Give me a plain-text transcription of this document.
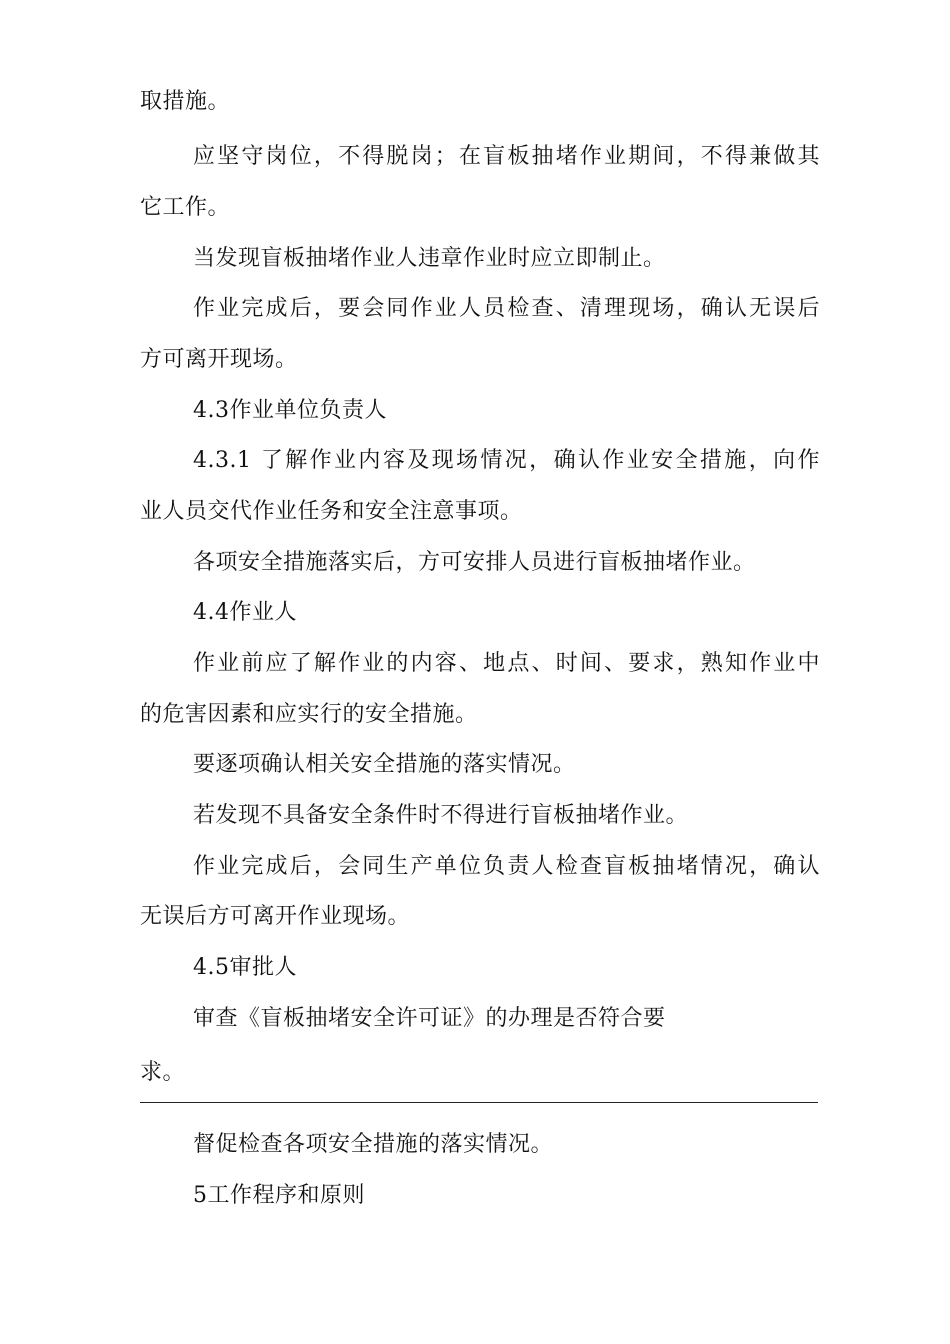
取措施。
应坚守岗位，不得脱岗；在盲板抽堵作业期间，不得兼做其
它工作。
当发现盲板抽堵作业人违章作业时应立即制止。
作业完成后，要会同作业人员检查、清理现场，确认无误后
方可离开现场。
4.3作业单位负责人
4.3.1 了解作业内容及现场情况，确认作业安全措施，向作
业人员交代作业任务和安全注意事项。
各项安全措施落实后，方可安排人员进行盲板抽堵作业。
4.4作业人
作业前应了解作业的内容、地点、时间、要求，熟知作业中
的危害因素和应实行的安全措施。
要逐项确认相关安全措施的落实情况。
若发现不具备安全条件时不得进行盲板抽堵作业。
作业完成后，会同生产单位负责人检查盲板抽堵情况，确认
无误后方可离开作业现场。
4.5审批人
审查《盲板抽堵安全许可证》的办理是否符合要
求。
督促检查各项安全措施的落实情况。
5工作程序和原则
